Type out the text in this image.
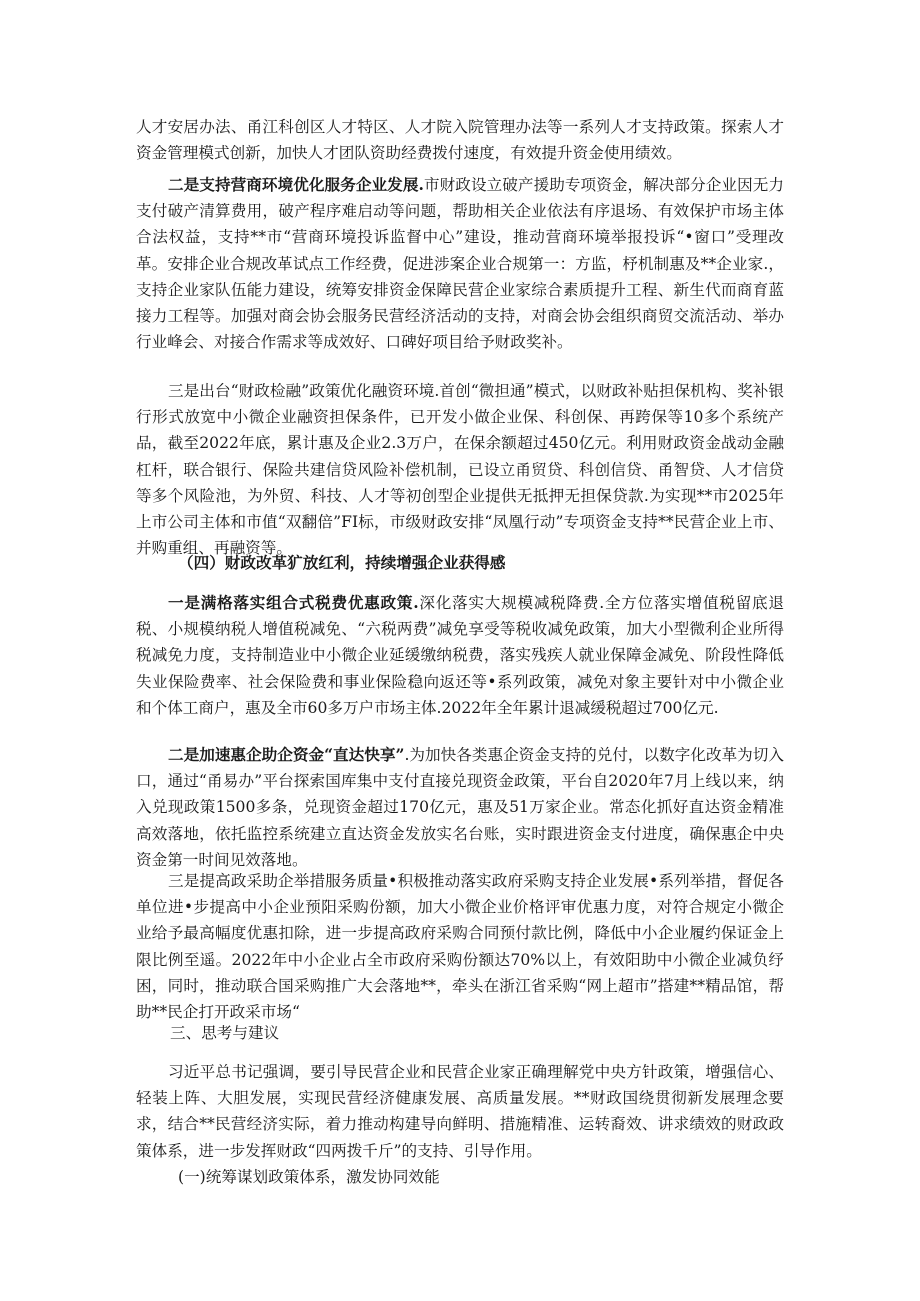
人才安居办法、甬江科创区人才特区、人才院入院管理办法等一系列人才支持政策。探索人才资金管理模式创新，加快人才团队资助经费拨付速度，有效提升资金使用绩效。

二是支持营商环境优化服务企业发展.市财政设立破产援助专项资金，解决部分企业因无力支付破产清算费用，破产程序难启动等问题，帮助相关企业依法有序退场、有效保护市场主体合法权益，支持**市“营商环境投诉监督中心”建设，推动营商环境举报投诉“•窗口”受理改革。安排企业合规改革试点工作经费，促进涉案企业合规第一：方监，杼机制惠及**企业家.，支持企业家队伍能力建设，统筹安排资金保障民营企业家综合素质提升工程、新生代而商育蓝接力工程等。加强对商会协会服务民营经济活动的支持，对商会协会组织商贸交流活动、举办行业峰会、对接合作需求等成效好、口碑好项目给予财政奖补。

三是出台“财政检融”政策优化融资环境.首创“微担通”模式，以财政补贴担保机构、奖补银行形式放宽中小微企业融资担保条件，已开发小做企业保、科创保、再跨保等10多个系统产品，截至2022年底，累计惠及企业2.3万户，在保余额超过450亿元。利用财政资金战动金融杠杆，联合银行、保险共建信贷风险补偿机制，已设立甬贸贷、科创信贷、甬智贷、人才信贷等多个风险池，为外贸、科技、人才等初创型企业提供无抵押无担保贷款.为实现**市2025年上市公司主体和市值“双翻倍”FI标，市级财政安排“凤凰行动”专项资金支持**民营企业上市、并购重组、再融资等。

（四）财政改革犷放红利，持续增强企业获得感

一是满格落实组合式税费优惠政策.深化落实大规模减税降费.全方位落实增值税留底退税、小规模纳税人增值税减免、“六税两费”减免享受等税收减免政策，加大小型微利企业所得税减免力度，支持制造业中小微企业延缓缴纳税费，落实残疾人就业保障金减免、阶段性降低失业保险费率、社会保险费和事业保险稳向返还等•系列政策，减免对象主要针对中小微企业和个体工商户，惠及全市60多万户市场主体.2022年全年累计退减缓税超过700亿元.

二是加速惠企助企资金“直达快享”.为加快各类惠企资金支持的兑付，以数字化改革为切入口，通过“甬易办”平台探索国库集中支付直接兑现资金政策，平台自2020年7月上线以来，纳入兑现政策1500多条，兑现资金超过170亿元，惠及51万家企业。常态化抓好直达资金精准高效落地，依托监控系统建立直达资金发放实名台账，实时跟进资金支付进度，确保惠企中央资金第一时间见效落地。

三是提高政采助企举措服务质量•积极推动落实政府采购支持企业发展•系列举措，督促各单位进•步提高中小企业预阳采购份额，加大小微企业价格评审优惠力度，对符合规定小微企业给予最高幅度优惠扣除，进一步提高政府采购合同预付款比例，降低中小企业履约保证金上限比例至遥。2022年中小企业占全市政府采购份额达70%以上，有效阳助中小微企业减负纾困，同时，推动联合国采购推广大会落地**，牵头在浙江省采购“网上超市”搭建**精品馆，帮助**民企打开政采市场“

三、思考与建议

习近平总书记强调，要引导民营企业和民营企业家正确理解党中央方针政策，增强信心、轻装上阵、大胆发展，实现民营经济健康发展、高质量发展。**财政国绕贯彻新发展理念要求，结合**民营经济实际，着力推动构建导向鲜明、措施精准、运转裔效、讲求绩效的财政政策体系，进一步发挥财政“四两拨千斤”的支持、引导作用。

(一)统筹谋划政策体系，激发协同效能
